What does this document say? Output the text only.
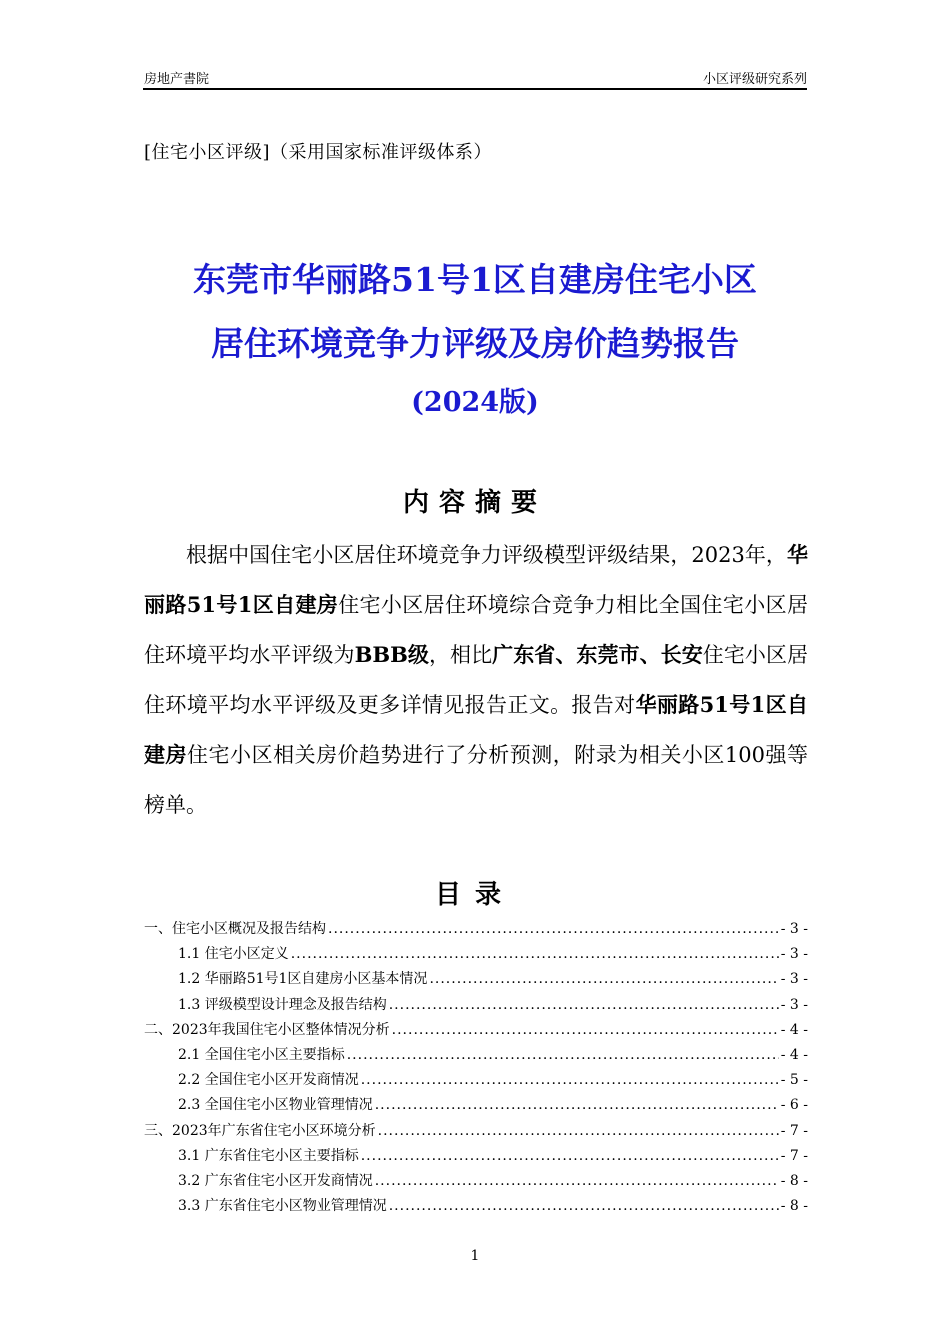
房地产書院	小区评级研究系列
[住宅小区评级]（采用国家标准评级体系）
东莞市华丽路51号1区自建房住宅小区
居住环境竞争力评级及房价趋势报告
(2024版)
内容摘要

根据中国住宅小区居住环境竞争力评级模型评级结果，2023年，华丽路51号1区自建房住宅小区居住环境综合竞争力相比全国住宅小区居住环境平均水平评级为BBB级，相比广东省、东莞市、长安住宅小区居住环境平均水平评级及更多详情见报告正文。报告对华丽路51号1区自建房住宅小区相关房价趋势进行了分析预测，附录为相关小区100强等榜单。

目录
一、住宅小区概况及报告结构 .....	- 3 -
1.1 住宅小区定义 .....	- 3 -
1.2 华丽路51号1区自建房小区基本情况 .....	- 3 -
1.3 评级模型设计理念及报告结构 .....	- 3 -
二、2023年我国住宅小区整体情况分析 .....	- 4 -
2.1 全国住宅小区主要指标 .....	- 4 -
2.2 全国住宅小区开发商情况 .....	- 5 -
2.3 全国住宅小区物业管理情况 .....	- 6 -
三、2023年广东省住宅小区环境分析 .....	- 7 -
3.1 广东省住宅小区主要指标 .....	- 7 -
3.2 广东省住宅小区开发商情况 .....	- 8 -
3.3 广东省住宅小区物业管理情况 .....	- 8 -
1
